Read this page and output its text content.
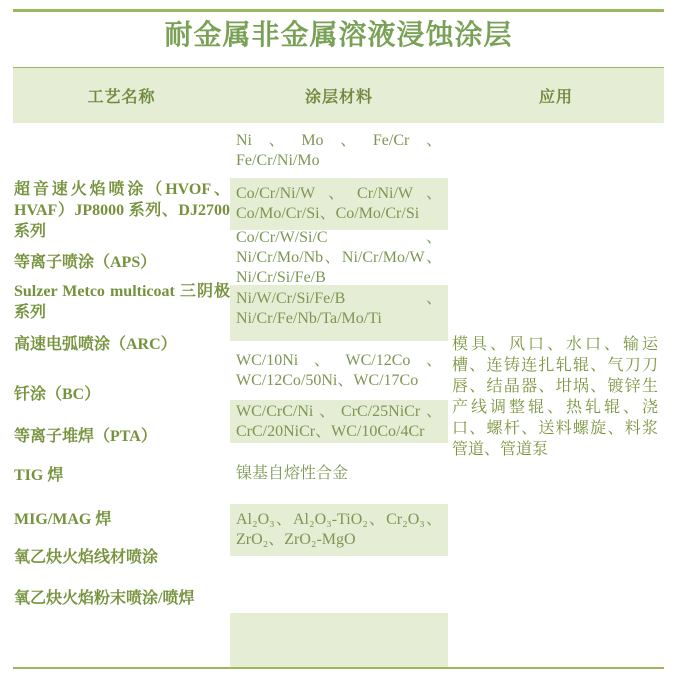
耐金属非金属溶液浸蚀涂层
工艺名称	涂层材料	应用
超音速火焰喷涂（HVOF、HVAF）JP8000 系列、DJ2700 系列
等离子喷涂（APS）
Sulzer Metco multicoat 三阴极系列
高速电弧喷涂（ARC）
钎涂（BC）
等离子堆焊（PTA）
TIG 焊
MIG/MAG 焊
氧乙炔火焰线材喷涂
氧乙炔火焰粉末喷涂/喷焊
Ni、Mo、Fe/Cr、Fe/Cr/Ni/Mo
Co/Cr/Ni/W、Cr/Ni/W、Co/Mo/Cr/Si、Co/Mo/Cr/Si
Co/Cr/W/Si/C、Ni/Cr/Mo/Nb、Ni/Cr/Mo/W、Ni/Cr/Si/Fe/B
Ni/W/Cr/Si/Fe/B、Ni/Cr/Fe/Nb/Ta/Mo/Ti
WC/10Ni、WC/12Co、WC/12Co/50Ni、WC/17Co
WC/CrC/Ni、CrC/25NiCr、CrC/20NiCr、WC/10Co/4Cr
镍基自熔性合金
Al₂O₃、Al₂O₃-TiO₂、Cr₂O₃、ZrO₂、ZrO₂-MgO
模具、风口、水口、输运槽、连铸连扎轧辊、气刀刀唇、结晶器、坩埚、镀锌生产线调整辊、热轧辊、浇口、螺杆、送料螺旋、料浆管道、管道泵
